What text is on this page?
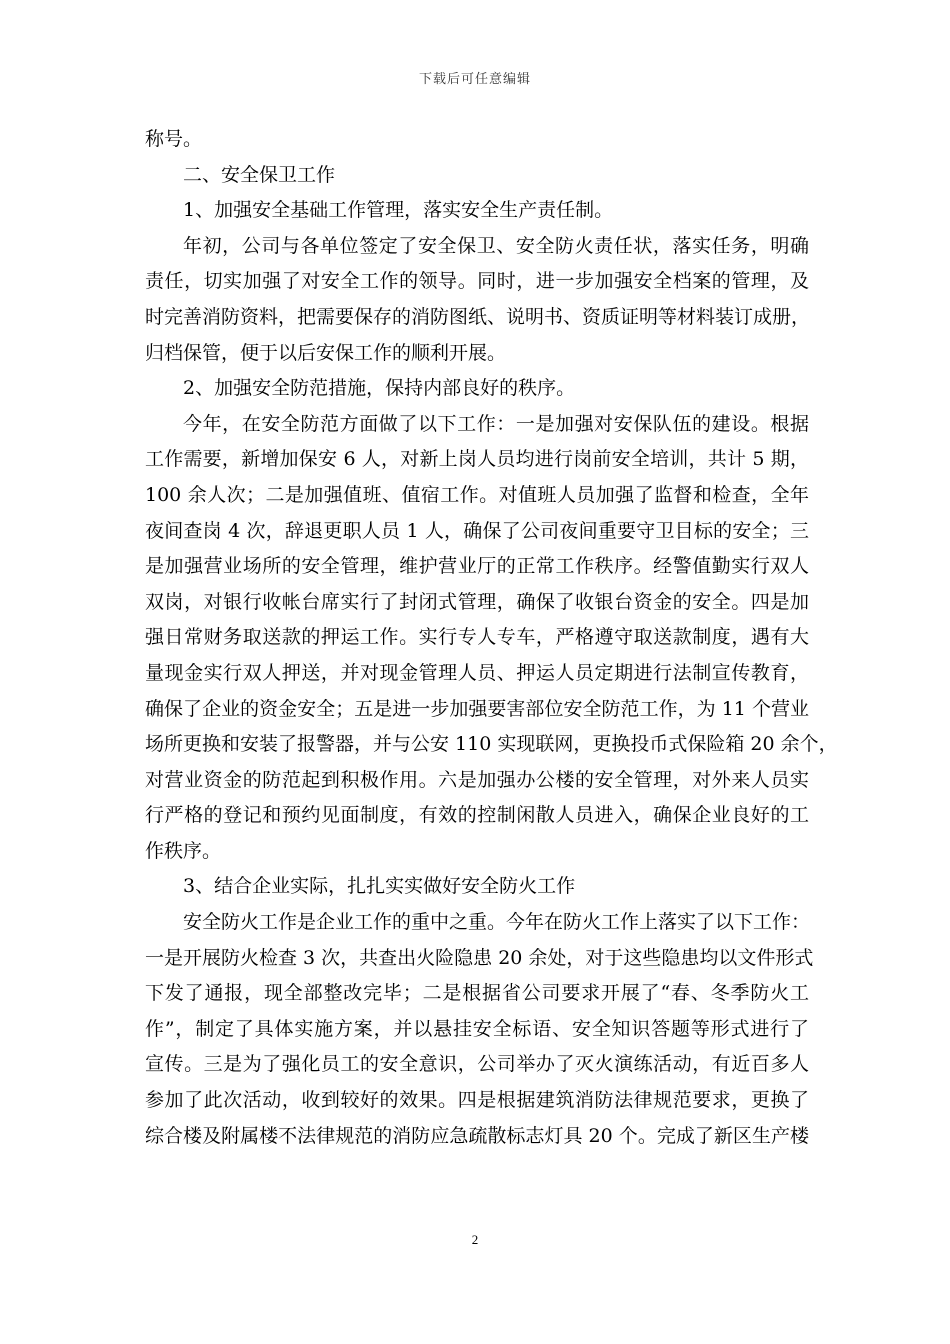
下载后可任意编辑
称号。
二、安全保卫工作
1、加强安全基础工作管理，落实安全生产责任制。
年初，公司与各单位签定了安全保卫、安全防火责任状，落实任务，明确
责任，切实加强了对安全工作的领导。同时，进一步加强安全档案的管理，及
时完善消防资料，把需要保存的消防图纸、说明书、资质证明等材料装订成册，
归档保管，便于以后安保工作的顺利开展。
2、加强安全防范措施，保持内部良好的秩序。
今年，在安全防范方面做了以下工作：一是加强对安保队伍的建设。根据
工作需要，新增加保安 6 人，对新上岗人员均进行岗前安全培训，共计 5 期，
100 余人次；二是加强值班、值宿工作。对值班人员加强了监督和检查，全年
夜间查岗 4 次，辞退更职人员 1 人，确保了公司夜间重要守卫目标的安全；三
是加强营业场所的安全管理，维护营业厅的正常工作秩序。经警值勤实行双人
双岗，对银行收帐台席实行了封闭式管理，确保了收银台资金的安全。四是加
强日常财务取送款的押运工作。实行专人专车，严格遵守取送款制度，遇有大
量现金实行双人押送，并对现金管理人员、押运人员定期进行法制宣传教育，
确保了企业的资金安全；五是进一步加强要害部位安全防范工作，为 11 个营业
场所更换和安装了报警器，并与公安 110 实现联网，更换投币式保险箱 20 余个，
对营业资金的防范起到积极作用。六是加强办公楼的安全管理，对外来人员实
行严格的登记和预约见面制度，有效的控制闲散人员进入，确保企业良好的工
作秩序。
3、结合企业实际，扎扎实实做好安全防火工作
安全防火工作是企业工作的重中之重。今年在防火工作上落实了以下工作：
一是开展防火检查 3 次，共查出火险隐患 20 余处，对于这些隐患均以文件形式
下发了通报，现全部整改完毕；二是根据省公司要求开展了“春、冬季防火工
作”，制定了具体实施方案，并以悬挂安全标语、安全知识答题等形式进行了
宣传。三是为了强化员工的安全意识，公司举办了灭火演练活动，有近百多人
参加了此次活动，收到较好的效果。四是根据建筑消防法律规范要求，更换了
综合楼及附属楼不法律规范的消防应急疏散标志灯具 20 个。完成了新区生产楼
2
